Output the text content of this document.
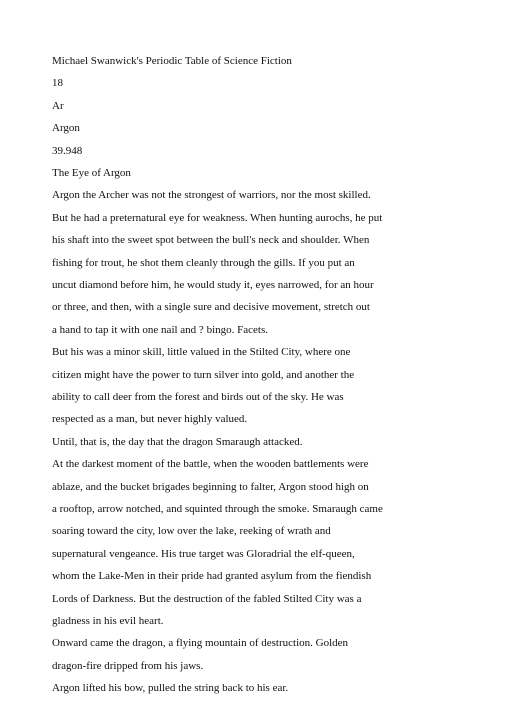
Michael Swanwick's Periodic Table of Science Fiction

18

Ar

Argon

39.948

The Eye of Argon

Argon the Archer was not the strongest of warriors, nor the most skilled.

But he had a preternatural eye for weakness. When hunting aurochs, he put

his shaft into the sweet spot between the bull's neck and shoulder. When

fishing for trout, he shot them cleanly through the gills. If you put an

uncut diamond before him, he would study it, eyes narrowed, for an hour

or three, and then, with a single sure and decisive movement, stretch out

a hand to tap it with one nail and ? bingo. Facets.

But his was a minor skill, little valued in the Stilted City, where one

citizen might have the power to turn silver into gold, and another the

ability to call deer from the forest and birds out of the sky. He was

respected as a man, but never highly valued.

Until, that is, the day that the dragon Smaraugh attacked.

At the darkest moment of the battle, when the wooden battlements were

ablaze, and the bucket brigades beginning to falter, Argon stood high on

a rooftop, arrow notched, and squinted through the smoke. Smaraugh came

soaring toward the city, low over the lake, reeking of wrath and

supernatural vengeance. His true target was Gloradrial the elf-queen,

whom the Lake-Men in their pride had granted asylum from the fiendish

Lords of Darkness. But the destruction of the fabled Stilted City was a

gladness in his evil heart.

Onward came the dragon, a flying mountain of destruction. Golden

dragon-fire dripped from his jaws.

Argon lifted his bow, pulled the string back to his ear.
